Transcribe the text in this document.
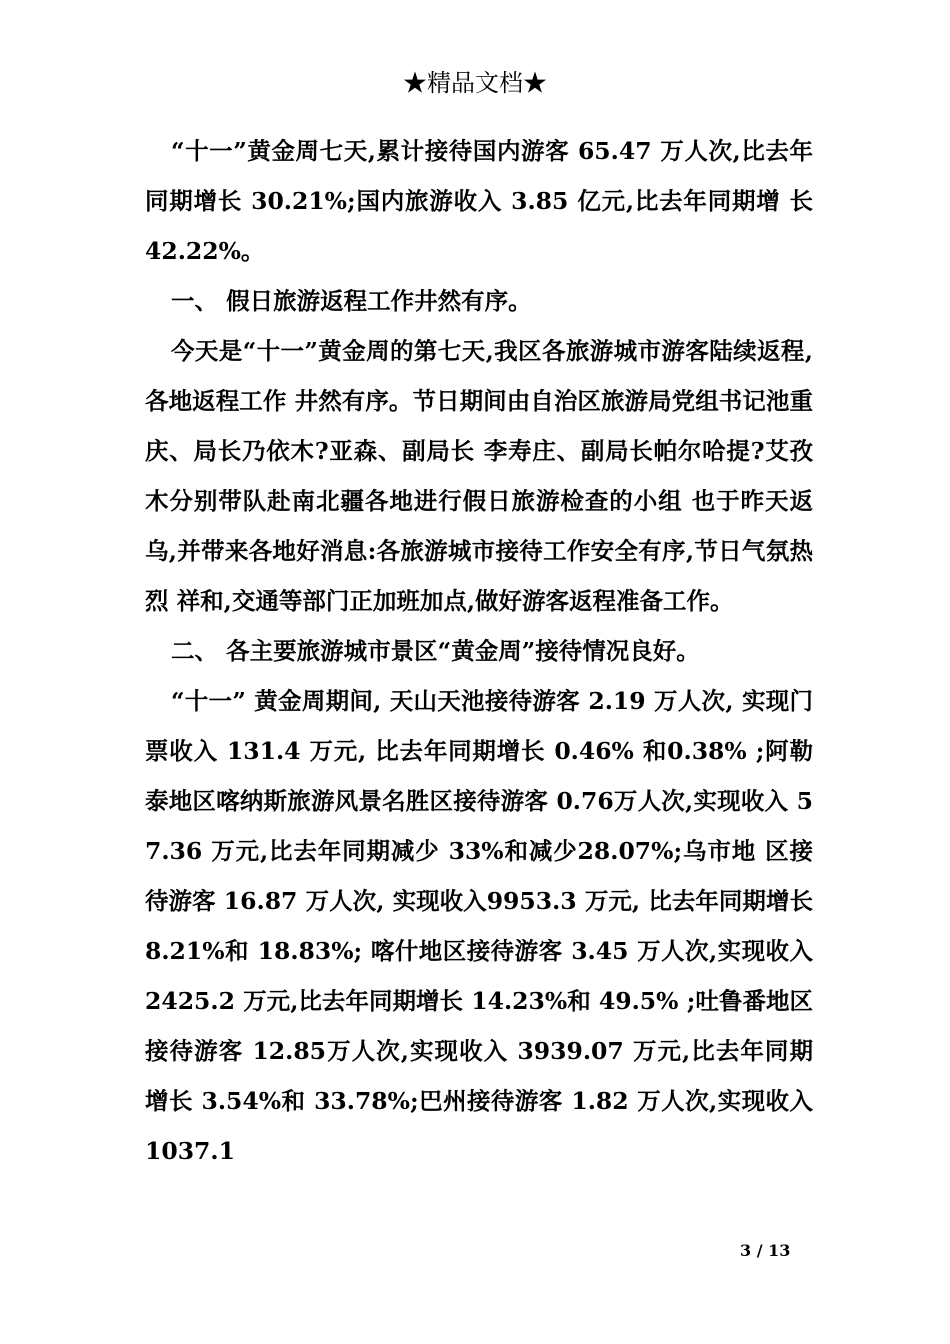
★精品文档★

“十一”黄金周七天,累计接待国内游客 65.47 万人次,比去年同期增长 30.21%;国内旅游收入 3.85 亿元,比去年同期增 长 42.22%。

一、 假日旅游返程工作井然有序。

今天是“十一”黄金周的第七天,我区各旅游城市游客陆续返程,各地返程工作 井然有序。节日期间由自治区旅游局党组书记池重庆、局长乃依木?亚森、副局长 李寿庄、副局长帕尔哈提?艾孜木分别带队赴南北疆各地进行假日旅游检查的小组 也于昨天返乌,并带来各地好消息:各旅游城市接待工作安全有序,节日气氛热烈 祥和,交通等部门正加班加点,做好游客返程准备工作。

二、 各主要旅游城市景区“黄金周”接待情况良好。

“十一” 黄金周期间, 天山天池接待游客 2.19 万人次, 实现门票收入 131.4 万元, 比去年同期增长 0.46% 和0.38% ;阿勒泰地区喀纳斯旅游风景名胜区接待游客 0.76万人次,实现收入 57.36 万元,比去年同期减少 33%和减少28.07%;乌市地 区接待游客 16.87 万人次, 实现收入9953.3 万元, 比去年同期增长 8.21%和 18.83%; 喀什地区接待游客 3.45 万人次,实现收入 2425.2 万元,比去年同期增长 14.23%和 49.5% ;吐鲁番地区接待游客 12.85万人次,实现收入 3939.07 万元,比去年同期 增长 3.54%和 33.78%;巴州接待游客 1.82 万人次,实现收入 1037.1

3 / 13
